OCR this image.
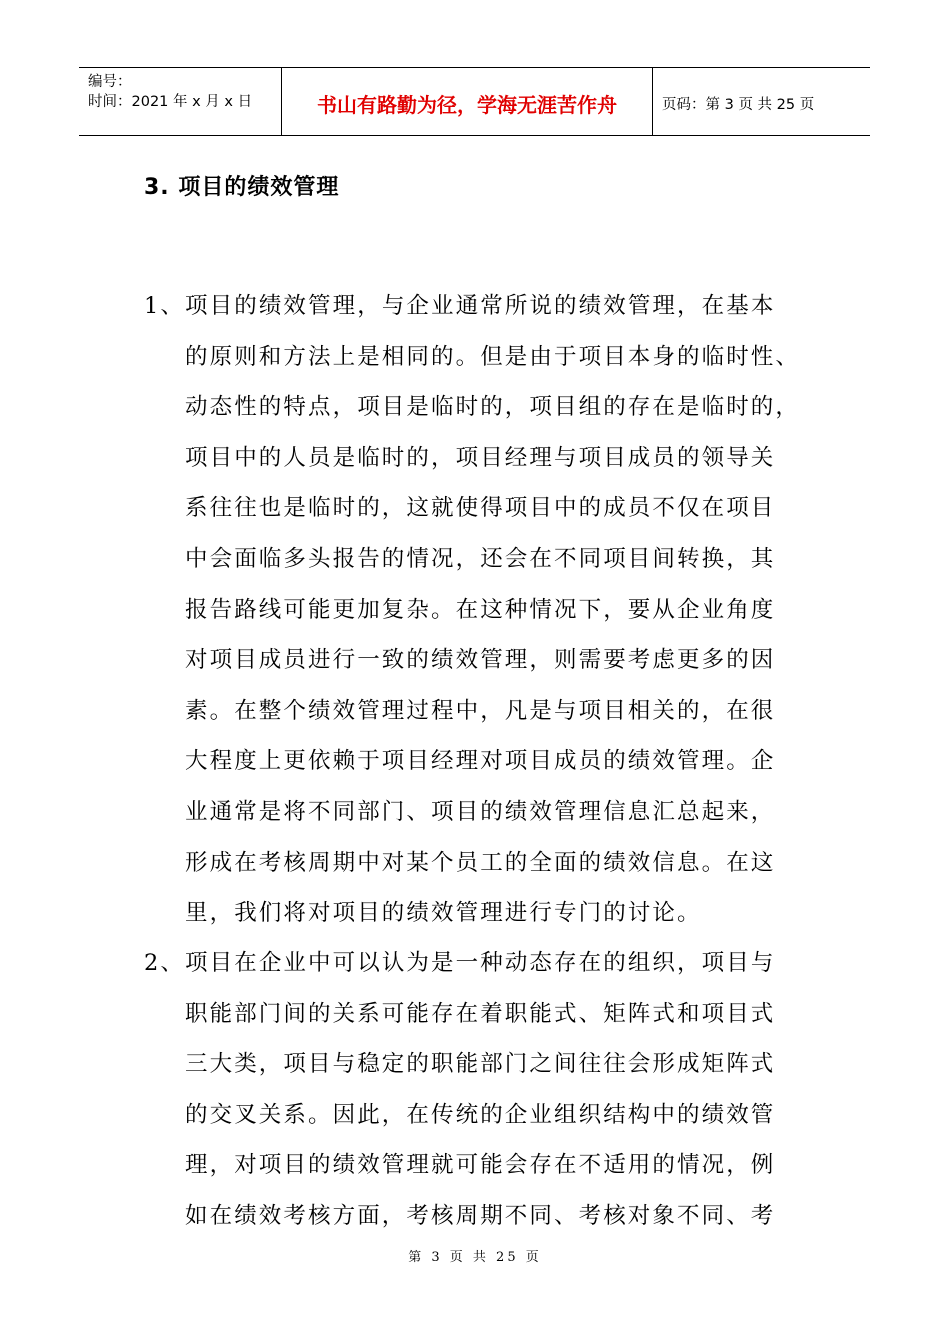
编号：
时间：2021 年 x 月 x 日	书山有路勤为径，学海无涯苦作舟	页码：第 3 页 共 25 页
3. 项目的绩效管理
1、项目的绩效管理，与企业通常所说的绩效管理，在基本
的原则和方法上是相同的。但是由于项目本身的临时性、
动态性的特点，项目是临时的，项目组的存在是临时的，
项目中的人员是临时的，项目经理与项目成员的领导关
系往往也是临时的，这就使得项目中的成员不仅在项目
中会面临多头报告的情况，还会在不同项目间转换，其
报告路线可能更加复杂。在这种情况下，要从企业角度
对项目成员进行一致的绩效管理，则需要考虑更多的因
素。在整个绩效管理过程中，凡是与项目相关的，在很
大程度上更依赖于项目经理对项目成员的绩效管理。企
业通常是将不同部门、项目的绩效管理信息汇总起来，
形成在考核周期中对某个员工的全面的绩效信息。在这
里，我们将对项目的绩效管理进行专门的讨论。
2、项目在企业中可以认为是一种动态存在的组织，项目与
职能部门间的关系可能存在着职能式、矩阵式和项目式
三大类，项目与稳定的职能部门之间往往会形成矩阵式
的交叉关系。因此，在传统的企业组织结构中的绩效管
理，对项目的绩效管理就可能会存在不适用的情况，例
如在绩效考核方面，考核周期不同、考核对象不同、考
第 3 页 共 25 页
